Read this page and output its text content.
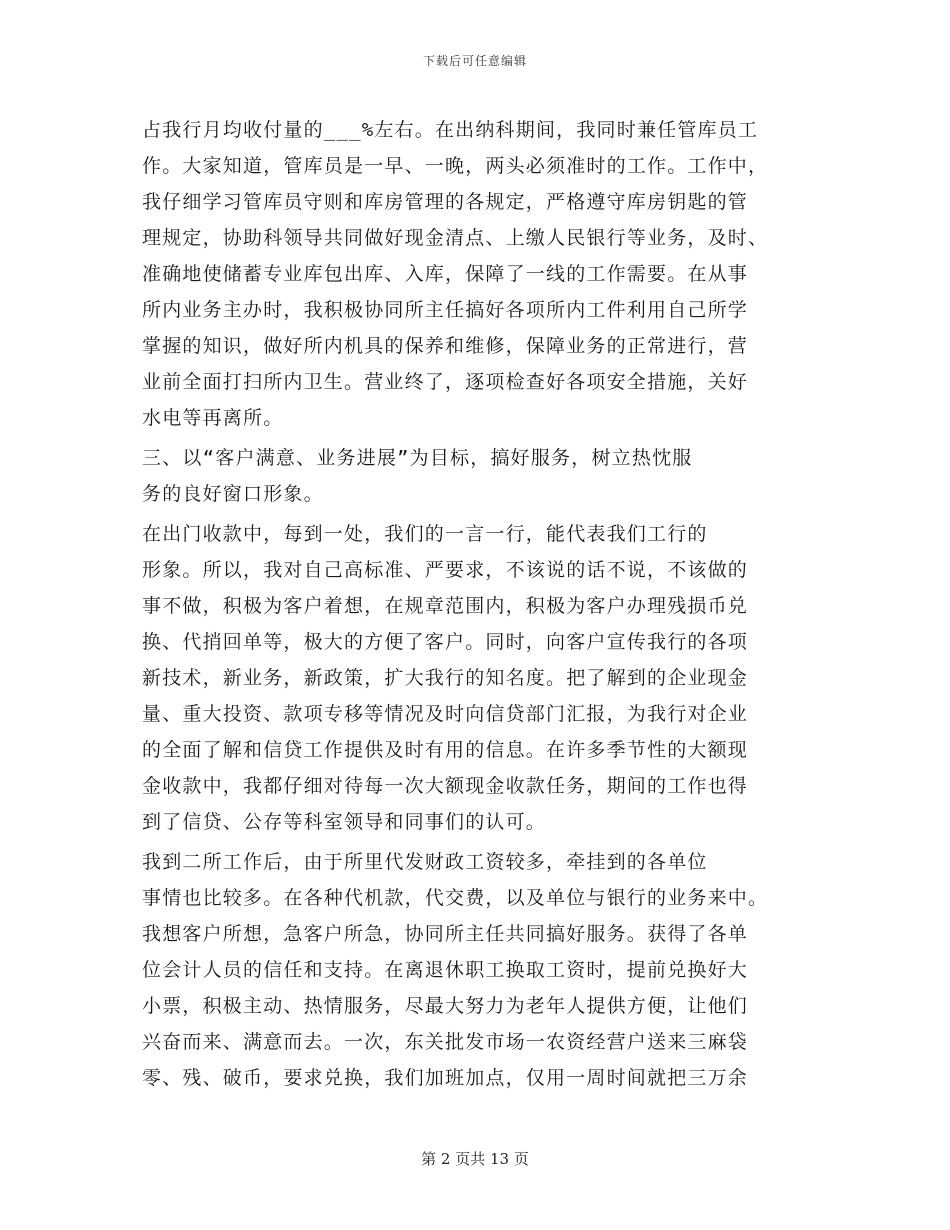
下载后可任意编辑
占我行月均收付量的___%左右。在出纳科期间，我同时兼任管库员工
作。大家知道，管库员是一早、一晚，两头必须准时的工作。工作中，
我仔细学习管库员守则和库房管理的各规定，严格遵守库房钥匙的管
理规定，协助科领导共同做好现金清点、上缴人民银行等业务，及时、
准确地使储蓄专业库包出库、入库，保障了一线的工作需要。在从事
所内业务主办时，我积极协同所主任搞好各项所内工件利用自己所学
掌握的知识，做好所内机具的保养和维修，保障业务的正常进行，营
业前全面打扫所内卫生。营业终了，逐项检查好各项安全措施，关好
水电等再离所。
三、以“客户满意、业务进展”为目标，搞好服务，树立热忱服
务的良好窗口形象。
在出门收款中，每到一处，我们的一言一行，能代表我们工行的
形象。所以，我对自己高标准、严要求，不该说的话不说，不该做的
事不做，积极为客户着想，在规章范围内，积极为客户办理残损币兑
换、代捎回单等，极大的方便了客户。同时，向客户宣传我行的各项
新技术，新业务，新政策，扩大我行的知名度。把了解到的企业现金
量、重大投资、款项专移等情况及时向信贷部门汇报，为我行对企业
的全面了解和信贷工作提供及时有用的信息。在许多季节性的大额现
金收款中，我都仔细对待每一次大额现金收款任务，期间的工作也得
到了信贷、公存等科室领导和同事们的认可。
我到二所工作后，由于所里代发财政工资较多，牵挂到的各单位
事情也比较多。在各种代机款，代交费，以及单位与银行的业务来中。
我想客户所想，急客户所急，协同所主任共同搞好服务。获得了各单
位会计人员的信任和支持。在离退休职工换取工资时，提前兑换好大
小票，积极主动、热情服务，尽最大努力为老年人提供方便，让他们
兴奋而来、满意而去。一次，东关批发市场一农资经营户送来三麻袋
零、残、破币，要求兑换，我们加班加点，仅用一周时间就把三万余
第 2 页共 13 页
